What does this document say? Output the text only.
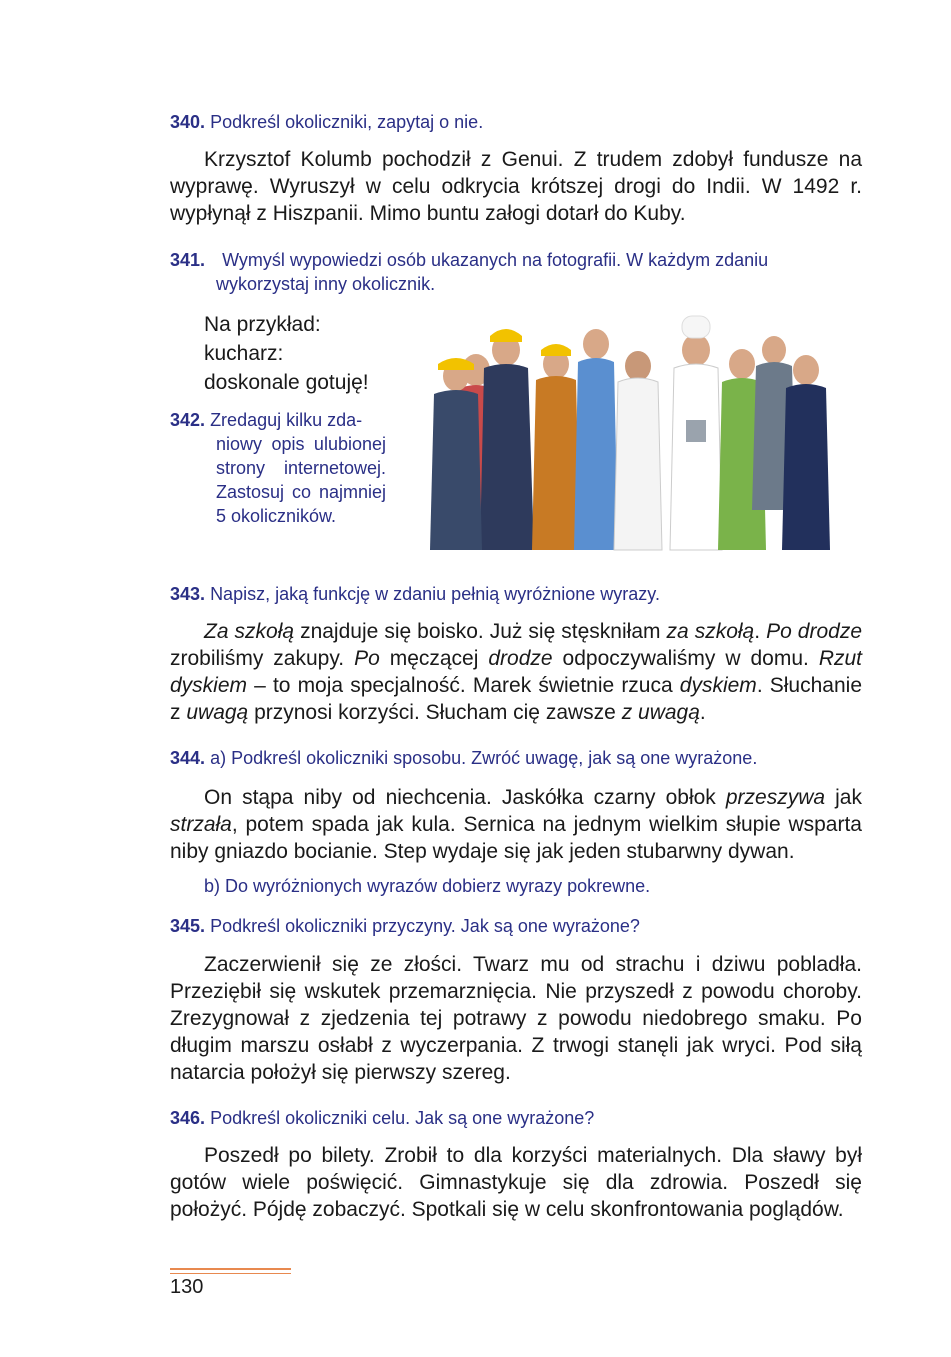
340. Podkreśl okoliczniki, zapytaj o nie.
Krzysztof Kolumb pochodził z Genui. Z trudem zdobył fundusze na wyprawę. Wyruszył w celu odkrycia krótszej drogi do Indii. W 1492 r. wypłynął z Hiszpanii. Mimo buntu załogi dotarł do Kuby.
341. Wymyśl wypowiedzi osób ukazanych na fotografii. W każdym zdaniu
wykorzystaj inny okolicznik.
Na przykład:
kucharz:
doskonale gotuję!
342. Zredaguj kilku zda-
niowy opis ulubionej strony internetowej. Zastosuj co najmniej 5 okoliczników.
343. Napisz, jaką funkcję w zdaniu pełnią wyróżnione wyrazy.
Za szkołą znajduje się boisko. Już się stęskniłam za szkołą. Po drodze zrobiliśmy zakupy. Po męczącej drodze odpoczywaliśmy w domu. Rzut dyskiem – to moja specjalność. Marek świetnie rzuca dyskiem. Słuchanie z uwagą przynosi korzyści. Słucham cię zawsze z uwagą.
344. a) Podkreśl okoliczniki sposobu. Zwróć uwagę, jak są one wyrażone.
On stąpa niby od niechcenia. Jaskółka czarny obłok przeszywa jak strzała, potem spada jak kula. Sernica na jednym wielkim słupie wsparta niby gniazdo bocianie. Step wydaje się jak jeden stubarwny dywan.
b) Do wyróżnionych wyrazów dobierz wyrazy pokrewne.
345. Podkreśl okoliczniki przyczyny. Jak są one wyrażone?
Zaczerwienił się ze złości. Twarz mu od strachu i dziwu pobladła. Przeziębił się wskutek przemarznięcia. Nie przyszedł z powodu choroby. Zrezygnował z zjedzenia tej potrawy z powodu niedobrego smaku. Po długim marszu osłabł z wyczerpania. Z trwogi stanęli jak wryci. Pod siłą natarcia położył się pierwszy szereg.
346. Podkreśl okoliczniki celu. Jak są one wyrażone?
Poszedł po bilety. Zrobił to dla korzyści materialnych. Dla sławy był gotów wiele poświęcić. Gimnastykuje się dla zdrowia. Poszedł się położyć. Pójdę zobaczyć. Spotkali się w celu skonfrontowania poglądów.
130
